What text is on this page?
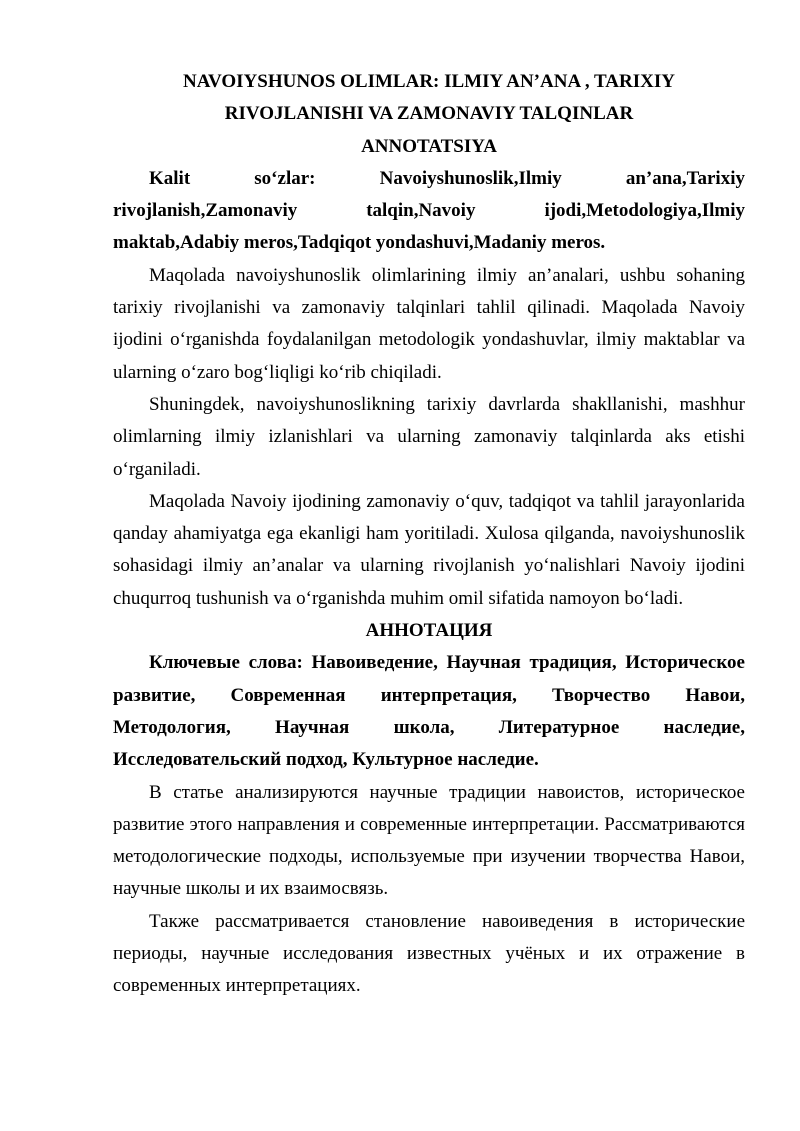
NAVOIYSHUNOS OLIMLAR: ILMIY AN’ANA , TARIXIY
RIVOJLANISHI VA ZAMONAVIY TALQINLAR
ANNOTATSIYA

Kalit so‘zlar: Navoiyshunoslik,Ilmiy an’ana,Tarixiy rivojlanish,Zamonaviy talqin,Navoiy ijodi,Metodologiya,Ilmiy maktab,Adabiy meros,Tadqiqot yondashuvi,Madaniy meros.

Maqolada navoiyshunoslik olimlarining ilmiy an’analari, ushbu sohaning tarixiy rivojlanishi va zamonaviy talqinlari tahlil qilinadi. Maqolada Navoiy ijodini o‘rganishda foydalanilgan metodologik yondashuvlar, ilmiy maktablar va ularning o‘zaro bog‘liqligi ko‘rib chiqiladi.

Shuningdek, navoiyshunoslikning tarixiy davrlarda shakllanishi, mashhur olimlarning ilmiy izlanishlari va ularning zamonaviy talqinlarda aks etishi o‘rganiladi.

Maqolada Navoiy ijodining zamonaviy o‘quv, tadqiqot va tahlil jarayonlarida qanday ahamiyatga ega ekanligi ham yoritiladi. Xulosa qilganda, navoiyshunoslik sohasidagi ilmiy an’analar va ularning rivojlanish yo‘nalishlari Navoiy ijodini chuqurroq tushunish va o‘rganishda muhim omil sifatida namoyon bo‘ladi.

АННОТАЦИЯ

Ключевые слова: Навоиведение, Научная традиция, Историческое развитие, Современная интерпретация, Творчество Навои, Методология, Научная школа, Литературное наследие, Исследовательский подход, Культурное наследие.

В статье анализируются научные традиции навоистов, историческое развитие этого направления и современные интерпретации. Рассматриваются методологические подходы, используемые при изучении творчества Навои, научные школы и их взаимосвязь.

Также рассматривается становление навоиведения в исторические периоды, научные исследования известных учёных и их отражение в современных интерпретациях.
